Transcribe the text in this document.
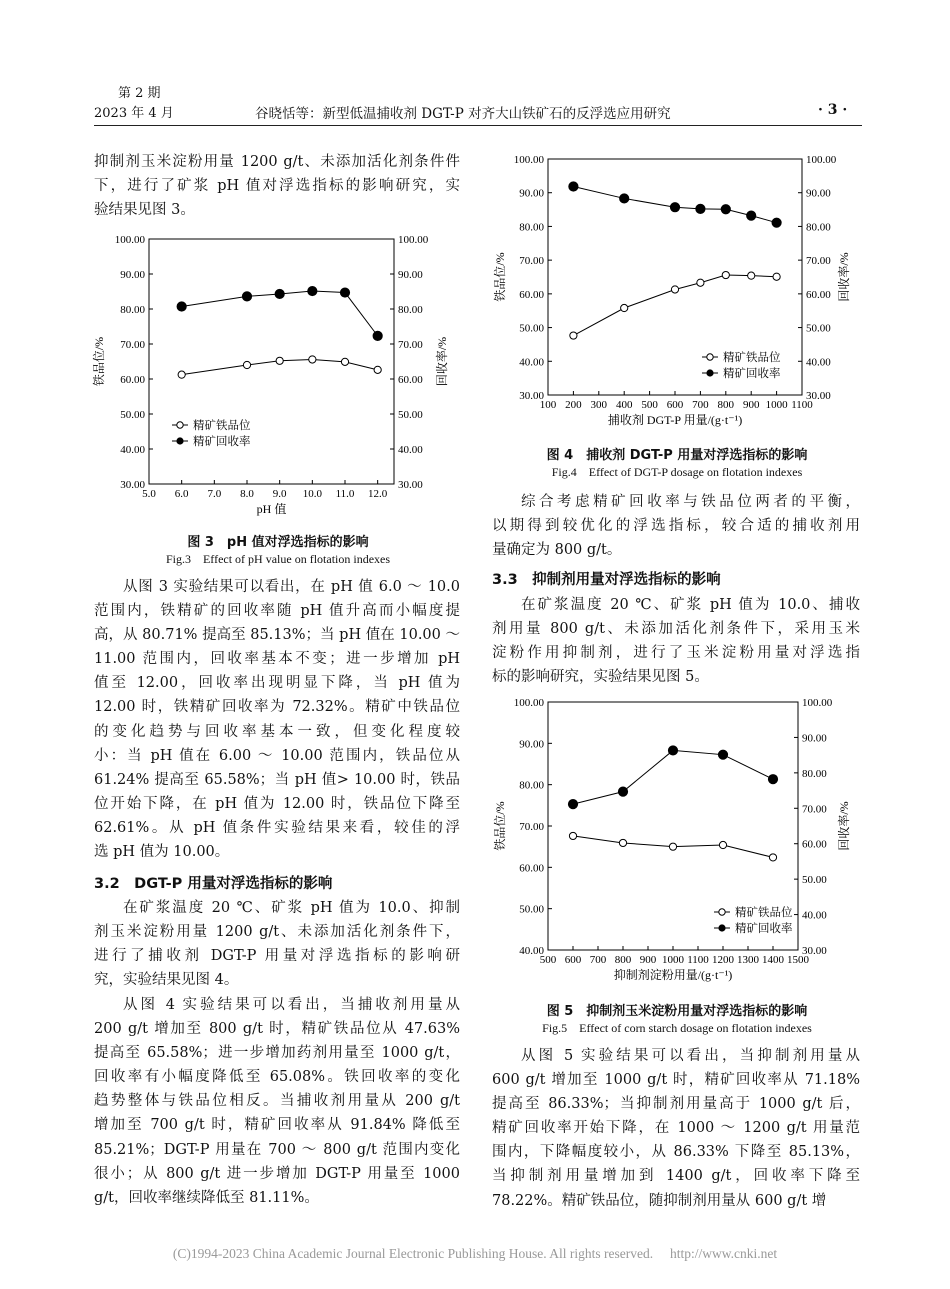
第 2 期
2023 年 4 月	谷晓恬等：新型低温捕收剂 DGT-P 对齐大山铁矿石的反浮选应用研究	· 3 ·
抑制剂玉米淀粉用量 1200 g/t、未添加活化剂条件件
下，进行了矿浆 pH 值对浮选指标的影响研究，实
验结果见图 3。
5.0 6.0 7.0 8.0 9.0 10.0 11.0 12.0
30.00
40.00
50.00
60.00
70.00
80.00
90.00
100.00
30.00
40.00
50.00
60.00
70.00
80.00
90.00
100.00
pH 值
铁品位/%	回收率/%
精矿铁品位
精矿回收率
图 3　pH 值对浮选指标的影响
Fig.3　Effect of pH value on flotation indexes
从图 3 实验结果可以看出，在 pH 值 6.0 ～ 10.0
范围内，铁精矿的回收率随 pH 值升高而小幅度提
高，从 80.71% 提高至 85.13%；当 pH 值在 10.00 ～
11.00 范围内，回收率基本不变；进一步增加 pH
值至 12.00，回收率出现明显下降，当 pH 值为
12.00 时，铁精矿回收率为 72.32%。精矿中铁品位
的变化趋势与回收率基本一致，但变化程度较
小：当 pH 值在 6.00 ～ 10.00 范围内，铁品位从
61.24% 提高至 65.58%；当 pH 值> 10.00 时，铁品
位开始下降，在 pH 值为 12.00 时，铁品位下降至
62.61%。从 pH 值条件实验结果来看，较佳的浮
选 pH 值为 10.00。
3.2　DGT-P 用量对浮选指标的影响
在矿浆温度 20 ℃、矿浆 pH 值为 10.0、抑制
剂玉米淀粉用量 1200 g/t、未添加活化剂条件下，
进行了捕收剂 DGT-P 用量对浮选指标的影响研
究，实验结果见图 4。
从图 4 实验结果可以看出，当捕收剂用量从
200 g/t 增加至 800 g/t 时，精矿铁品位从 47.63%
提高至 65.58%；进一步增加药剂用量至 1000 g/t，
回收率有小幅度降低至 65.08%。铁回收率的变化
趋势整体与铁品位相反。当捕收剂用量从 200 g/t
增加至 700 g/t 时，精矿回收率从 91.84% 降低至
85.21%；DGT-P 用量在 700 ～ 800 g/t 范围内变化
很小；从 800 g/t 进一步增加 DGT-P 用量至 1000
g/t，回收率继续降低至 81.11%。
100 200 300 400 500 600 700 800 900 1000 1100
30.00
40.00
50.00
60.00
70.00
80.00
90.00
100.00
30.00
40.00
50.00
60.00
70.00
80.00
90.00
100.00
捕收剂 DGT-P 用量/(g·t⁻¹)
铁品位/%	回收率/%
精矿铁品位
精矿回收率
图 4　捕收剂 DGT-P 用量对浮选指标的影响
Fig.4　Effect of DGT-P dosage on flotation indexes
综合考虑精矿回收率与铁品位两者的平衡，
以期得到较优化的浮选指标，较合适的捕收剂用
量确定为 800 g/t。
3.3　抑制剂用量对浮选指标的影响
在矿浆温度 20 ℃、矿浆 pH 值为 10.0、捕收
剂用量 800 g/t、未添加活化剂条件下，采用玉米
淀粉作用抑制剂，进行了玉米淀粉用量对浮选指
标的影响研究，实验结果见图 5。
500 600 700 800 900 1000 1100 1200 1300 1400 1500
40.00
50.00
60.00
70.00
80.00
90.00
100.00
30.00
40.00
50.00
60.00
70.00
80.00
90.00
100.00
抑制剂淀粉用量/(g·t⁻¹)
铁品位/%	回收率/%
精矿铁品位
精矿回收率
图 5　抑制剂玉米淀粉用量对浮选指标的影响
Fig.5　Effect of corn starch dosage on flotation indexes
从图 5 实验结果可以看出，当抑制剂用量从
600 g/t 增加至 1000 g/t 时，精矿回收率从 71.18%
提高至 86.33%；当抑制剂用量高于 1000 g/t 后，
精矿回收率开始下降，在 1000 ～ 1200 g/t 用量范
围内，下降幅度较小，从 86.33% 下降至 85.13%，
当抑制剂用量增加到 1400 g/t，回收率下降至
78.22%。精矿铁品位，随抑制剂用量从 600 g/t 增
(C)1994-2023 China Academic Journal Electronic Publishing House. All rights reserved.　 http://www.cnki.net
